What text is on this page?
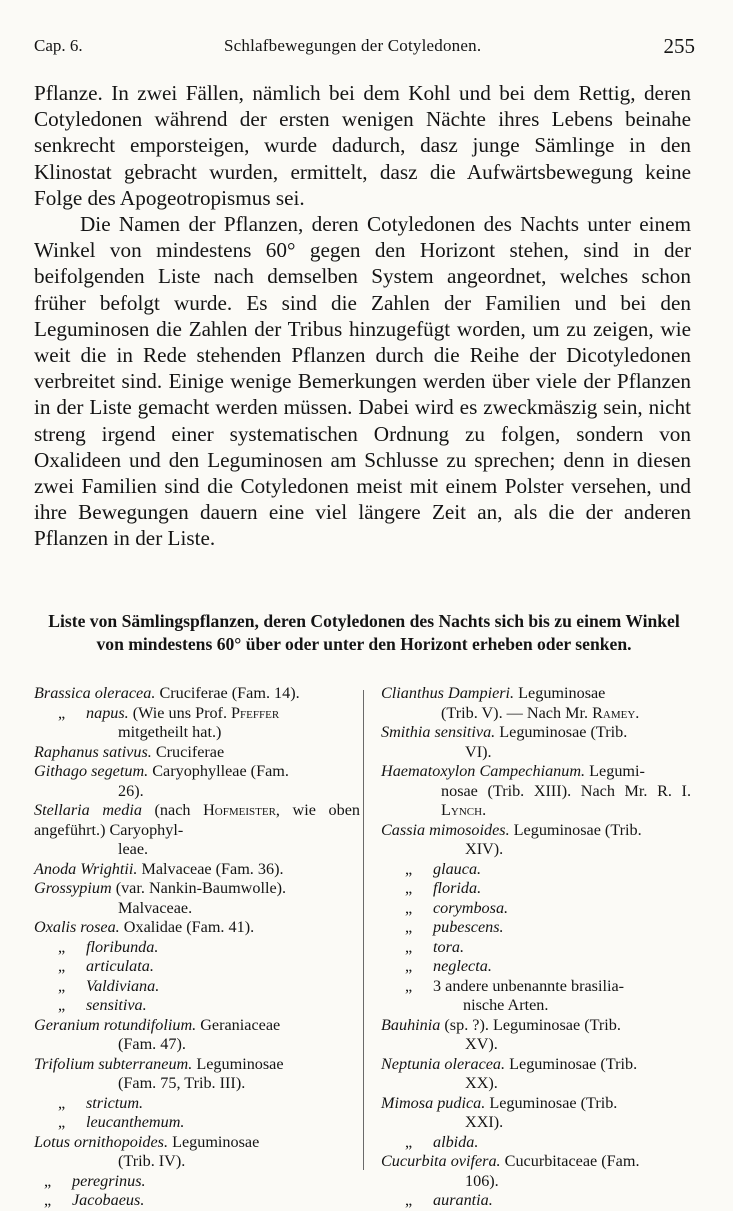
Cap. 6.	Schlafbewegungen der Cotyledonen.	255

Pflanze. In zwei Fällen, nämlich bei dem Kohl und bei dem Rettig, deren Cotyledonen während der ersten wenigen Nächte ihres Lebens beinahe senkrecht emporsteigen, wurde dadurch, dasz junge Sämlinge in den Klinostat gebracht wurden, ermittelt, dasz die Aufwärtsbewegung keine Folge des Apogeotropismus sei.

Die Namen der Pflanzen, deren Cotyledonen des Nachts unter einem Winkel von mindestens 60° gegen den Horizont stehen, sind in der beifolgenden Liste nach demselben System angeordnet, welches schon früher befolgt wurde. Es sind die Zahlen der Familien und bei den Leguminosen die Zahlen der Tribus hinzugefügt worden, um zu zeigen, wie weit die in Rede stehenden Pflanzen durch die Reihe der Dicotyledonen verbreitet sind. Einige wenige Bemerkungen werden über viele der Pflanzen in der Liste gemacht werden müssen. Dabei wird es zweckmäszig sein, nicht streng irgend einer systematischen Ordnung zu folgen, sondern von Oxalideen und den Leguminosen am Schlusse zu sprechen; denn in diesen zwei Familien sind die Cotyledonen meist mit einem Polster versehen, und ihre Bewegungen dauern eine viel längere Zeit an, als die der anderen Pflanzen in der Liste.

Liste von Sämlingspflanzen, deren Cotyledonen des Nachts sich bis zu einem Winkel von mindestens 60° über oder unter den Horizont erheben oder senken.
Brassica oleracea. Cruciferae (Fam. 14).
„ napus. (Wie uns Prof. Pfeffer
mitgetheilt hat.)
Raphanus sativus. Cruciferae
Githago segetum. Caryophylleae (Fam.
26).
Stellaria media (nach Hofmeister, wie oben angeführt.) Caryophyl-
leae.
Anoda Wrightii. Malvaceae (Fam. 36).
Grossypium (var. Nankin-Baumwolle).
Malvaceae.
Oxalis rosea. Oxalidae (Fam. 41).
„ floribunda.
„ articulata.
„ Valdiviana.
„ sensitiva.
Geranium rotundifolium. Geraniaceae
(Fam. 47).
Trifolium subterraneum. Leguminosae
(Fam. 75, Trib. III).
„ strictum.
„ leucanthemum.
Lotus ornithopoides. Leguminosae
(Trib. IV).
„ peregrinus.
„ Jacobaeus.
Clianthus Dampieri. Leguminosae
(Trib. V). — Nach Mr. Ramey.
Smithia sensitiva. Leguminosae (Trib.
VI).
Haematoxylon Campechianum. Legumi-
nosae (Trib. XIII). Nach Mr. R. I. Lynch.
Cassia mimosoides. Leguminosae (Trib.
XIV).
„ glauca.
„ florida.
„ corymbosa.
„ pubescens.
„ tora.
„ neglecta.
„ 3 andere unbenannte brasilia-
nische Arten.
Bauhinia (sp. ?). Leguminosae (Trib.
XV).
Neptunia oleracea. Leguminosae (Trib.
XX).
Mimosa pudica. Leguminosae (Trib.
XXI).
„ albida.
Cucurbita ovifera. Cucurbitaceae (Fam.
106).
„ aurantia.
